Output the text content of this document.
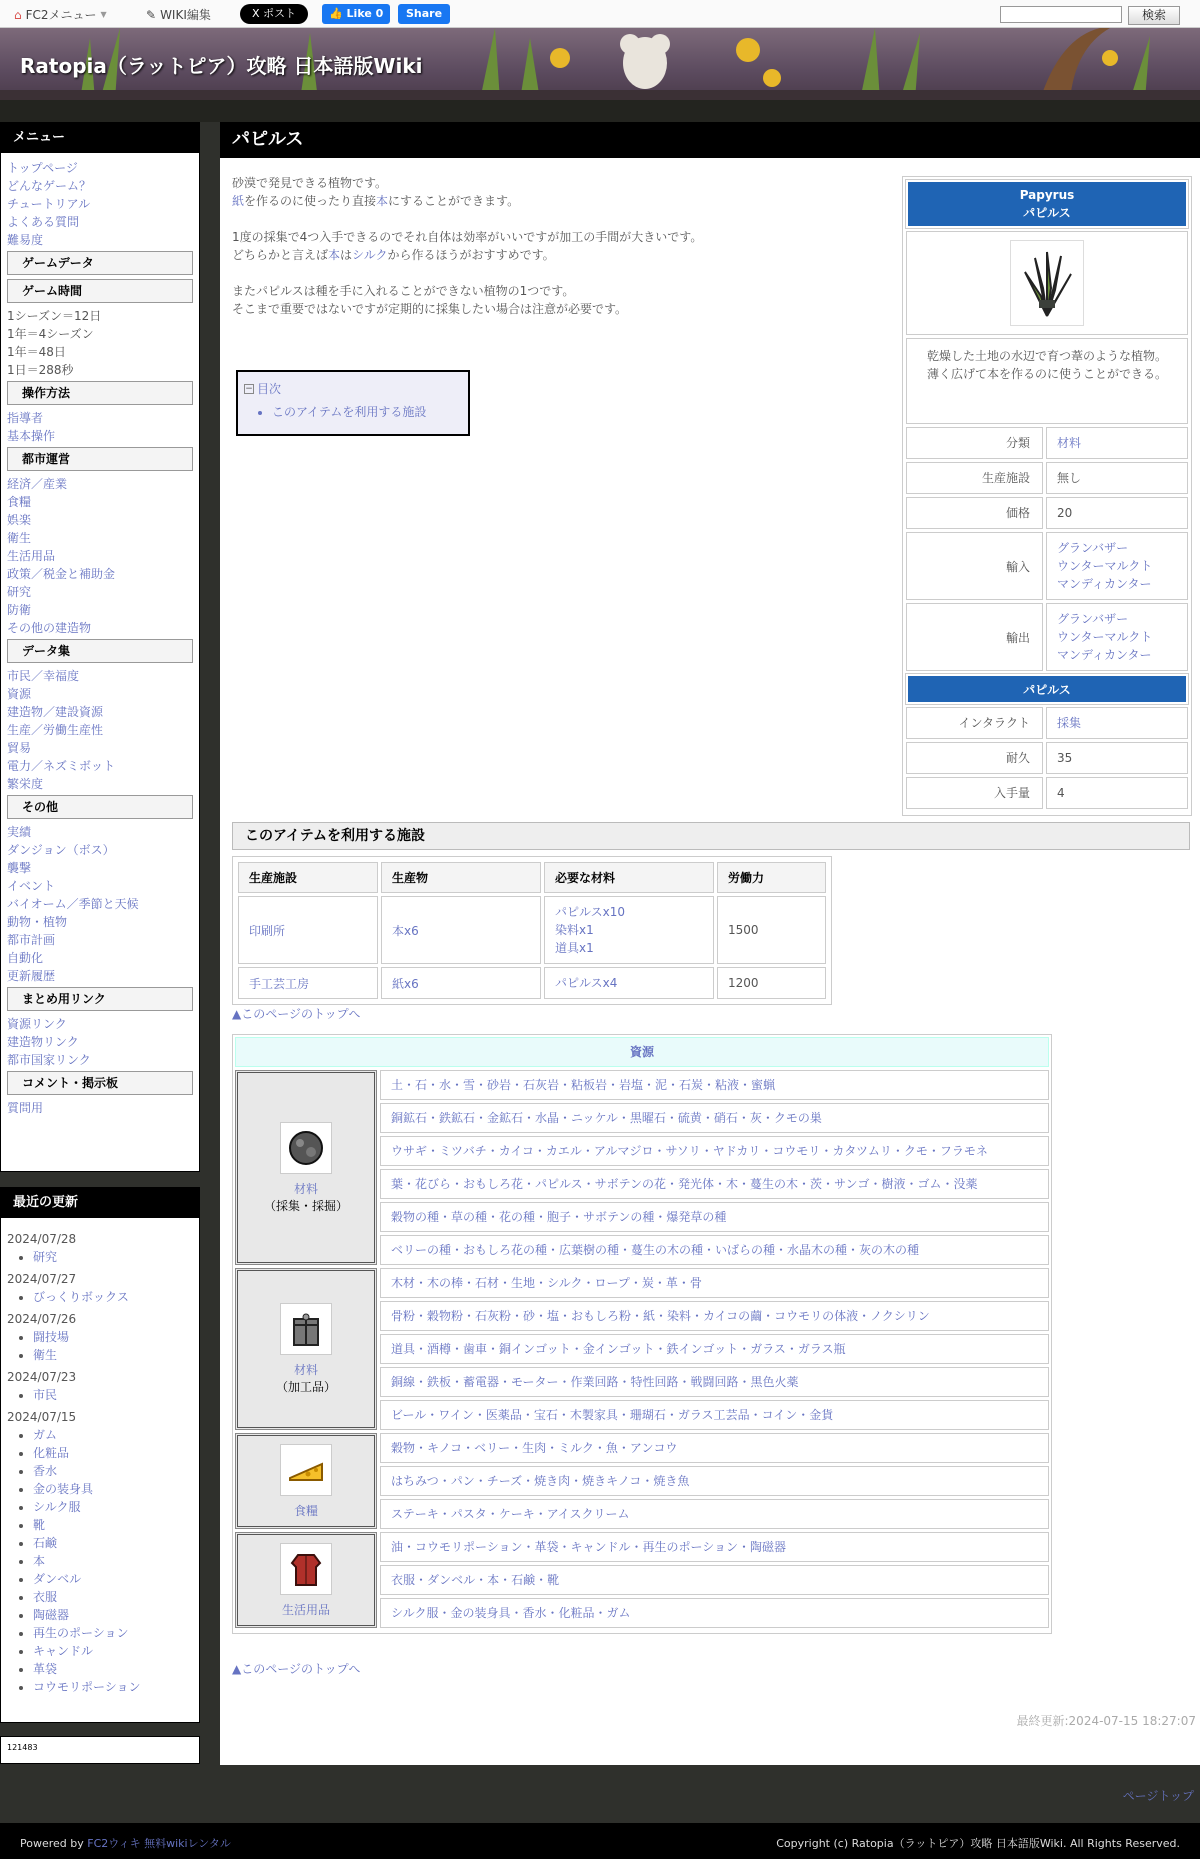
⌂ FC2メニュー ▼	✎ WIKI編集	X ポスト	👍 Like 0	Share	検索
Ratopia（ラットピア）攻略 日本語版Wiki
メニュー
トップページ
どんなゲーム？
チュートリアル
よくある質問
難易度
ゲームデータ
ゲーム時間
1シーズン＝12日
1年＝4シーズン
1年＝48日
1日＝288秒
操作方法
指導者
基本操作
都市運営
経済／産業
食糧
娯楽
衛生
生活用品
政策／税金と補助金
研究
防衛
その他の建造物
データ集
市民／幸福度
資源
建造物／建設資源
生産／労働生産性
貿易
電力／ネズミボット
繁栄度
その他
実績
ダンジョン（ボス）
襲撃
イベント
バイオーム／季節と天候
動物・植物
都市計画
自動化
更新履歴
まとめ用リンク
資源リンク
建造物リンク
都市国家リンク
コメント・掲示板
質問用
最近の更新
2024/07/28
• 研究
2024/07/27
• びっくりボックス
2024/07/26
• 闘技場
• 衛生
2024/07/23
• 市民
2024/07/15
• ガム
• 化粧品
• 香水
• 金の装身具
• シルク服
• 靴
• 石鹸
• 本
• ダンベル
• 衣服
• 陶磁器
• 再生のポーション
• キャンドル
• 革袋
• コウモリポーション
121483
パピルス
砂漠で発見できる植物です。
紙を作るのに使ったり直接本にすることができます。
1度の採集で4つ入手できるのでそれ自体は効率がいいですが加工の手間が大きいです。
どちらかと言えば本はシルクから作るほうがおすすめです。
またパピルスは種を手に入れることができない植物の1つです。
そこまで重要ではないですが定期的に採集したい場合は注意が必要です。
− 目次
• このアイテムを利用する施設
Papyrus
パピルス
乾燥した土地の水辺で育つ葦のような植物。
薄く広げて本を作るのに使うことができる。
分類	材料
生産施設	無し
価格	20
輸入
グランバザー
ウンターマルクト
マンディカンター
輸出
グランバザー
ウンターマルクト
マンディカンター
パピルス
インタラクト	採集
耐久	35
入手量	4
このアイテムを利用する施設
生産施設	生産物	必要な材料	労働力
印刷所	本x6	パピルスx10
染料x1
道具x1	1500
手工芸工房	紙x6	パピルスx4	1200
▲このページのトップへ
資源
材料
（採集・採掘）
土・石・水・雪・砂岩・石灰岩・粘板岩・岩塩・泥・石炭・粘液・蜜蝋
銅鉱石・鉄鉱石・金鉱石・水晶・ニッケル・黒曜石・硫黄・硝石・灰・クモの巣
ウサギ・ミツバチ・カイコ・カエル・アルマジロ・サソリ・ヤドカリ・コウモリ・カタツムリ・クモ・フラモネ
葉・花びら・おもしろ花・パピルス・サボテンの花・発光体・木・蔓生の木・茨・サンゴ・樹液・ゴム・没薬
穀物の種・草の種・花の種・胞子・サボテンの種・爆発草の種
ベリーの種・おもしろ花の種・広葉樹の種・蔓生の木の種・いばらの種・水晶木の種・灰の木の種
材料
（加工品）
木材・木の棒・石材・生地・シルク・ロープ・炭・革・骨
骨粉・穀物粉・石灰粉・砂・塩・おもしろ粉・紙・染料・カイコの繭・コウモリの体液・ノクシリン
道具・酒樽・歯車・銅インゴット・金インゴット・鉄インゴット・ガラス・ガラス瓶
銅線・鉄板・蓄電器・モーター・作業回路・特性回路・戦闘回路・黒色火薬
ビール・ワイン・医薬品・宝石・木製家具・珊瑚石・ガラス工芸品・コイン・金貨
食糧
穀物・キノコ・ベリー・生肉・ミルク・魚・アンコウ
はちみつ・パン・チーズ・焼き肉・焼きキノコ・焼き魚
ステーキ・パスタ・ケーキ・アイスクリーム
生活用品
油・コウモリポーション・革袋・キャンドル・再生のポーション・陶磁器
衣服・ダンベル・本・石鹸・靴
シルク服・金の装身具・香水・化粧品・ガム
▲このページのトップへ
最終更新:2024-07-15 18:27:07
ページトップ
Powered by FC2ウィキ 無料wikiレンタル	Copyright (c) Ratopia（ラットピア）攻略 日本語版Wiki. All Rights Reserved.
